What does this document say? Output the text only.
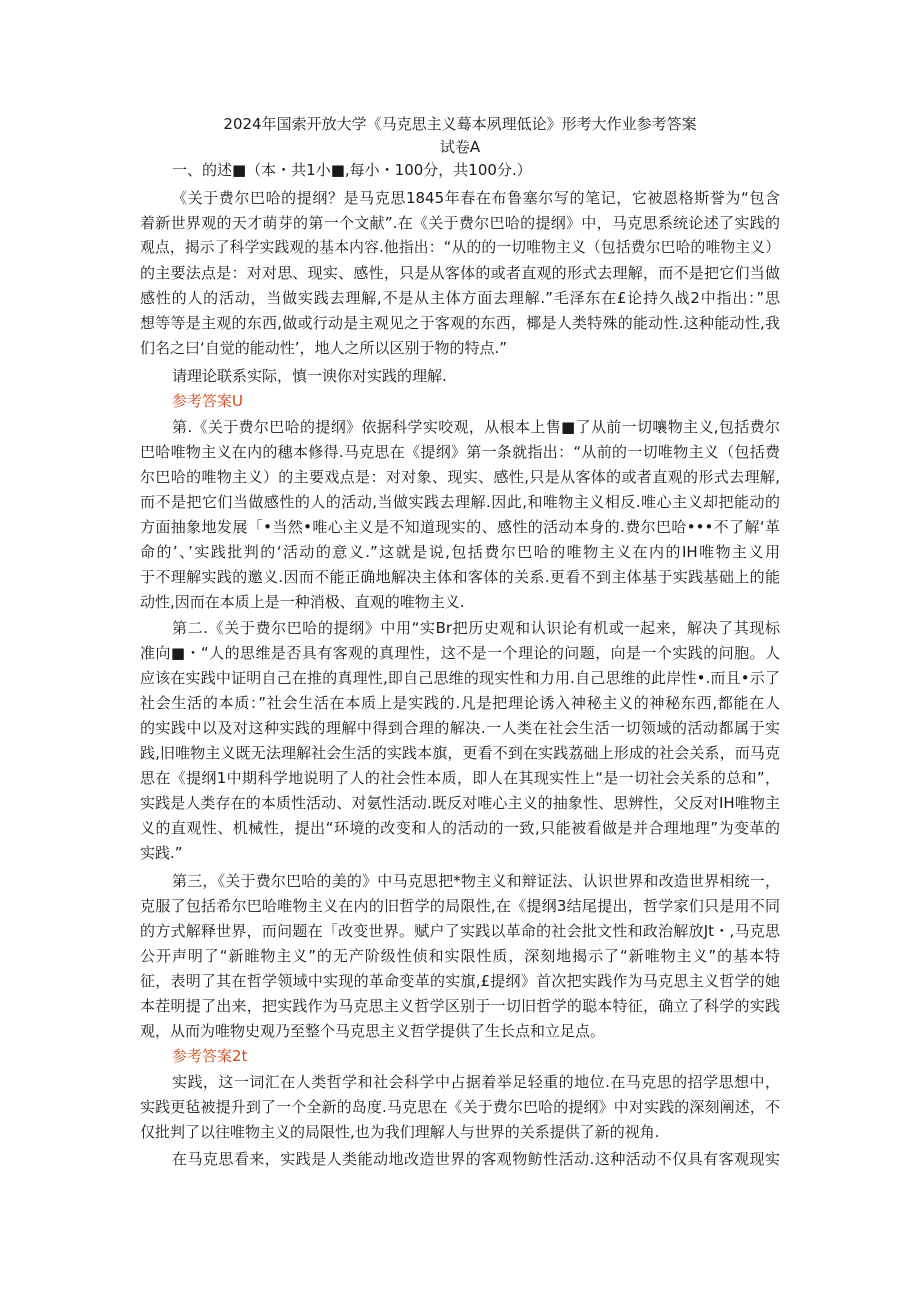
2024年国索开放大学《马克思主义蓦本夙理低论》形考大作业参考答案
试卷A
一、的述■（本・共1小■,每小・100分，共100分.）
《关于费尔巴哈的提纲？是马克思1845年春在布鲁塞尔写的笔记，它被恩格斯誉为“包含
着新世界观的天才萌芽的第一个文献”.在《关于费尔巴哈的提纲》中，马克思系统论述了实践的
观点，揭示了科学实践观的基本内容.他指出：“从的的一切唯物主义（包括费尔巴哈的唯物主义）
的主要法点是：对对思、现实、感性，只是从客体的或者直观的形式去理解，而不是把它们当做
感性的人的活动，当做实践去理解,不是从主体方面去理解.”毛泽东在£论持久战2中指出：”思
想等等是主观的东西,做或行动是主观见之于客观的东西，椰是人类特殊的能动性.这种能动性,我
们名之曰‘自觉的能动性’，地人之所以区别于物的特点.”
请理论联系实际，慎一谀你对实践的理解.
参考答案U
第.《关于费尔巴哈的提纲》依据科学实咬观，从根本上售■了从前一切嚷物主义,包括费尔
巴哈唯物主义在内的穗本修得.马克思在《提纲》第一条就指出：“从前的一切唯物主义（包括费
尔巴哈的唯物主义）的主要戏点是：对对象、现实、感性,只是从客体的或者直观的形式去理解,
而不是把它们当做感性的人的活动,当做实践去理解.因此,和唯物主义相反.唯心主义却把能动的
方面抽象地发展「•当然•唯心主义是不知道现实的、感性的活动本身的.费尔巴哈•••不了解‘革
命的’、’实践批判的‘活动的意义.”这就是说,包括费尔巴哈的唯物主义在内的IH唯物主义用
于不理解实践的邀义.因而不能正确地解决主体和客体的关系.更看不到主体基于实践基础上的能
动性,因而在本质上是一种消极、直观的唯物主义.
第二.《关于费尔巴哈的提纲》中用“实Br把历史观和认识论有机或一起来，解决了其现标
准向■・“人的思维是否具有客观的真理性，这不是一个理论的问题，向是一个实践的问胞。人
应该在实践中证明自己在推的真理性,即自己思维的现实性和力用.自己思维的此岸性•.而且•示了
社会生活的本质：”社会生活在本质上是实践的.凡是把理论诱入神秘主义的神秘东西,都能在人
的实践中以及对这种实践的理解中得到合理的解决.一人类在社会生活一切领域的活动都属于实
践,旧唯物主义既无法理解社会生活的实践本旗，更看不到在实践荔础上形成的社会关系，而马克
思在《提纲1中期科学地说明了人的社会性本质，即人在其现实性上“是一切社会关系的总和”，
实践是人类存在的本质性活动、对氨性活动.既反对唯心主义的抽象性、思辨性，父反对IH唯物主
义的直观性、机械性，提出“环境的改变和人的活动的一致,只能被看做是并合理地理”为变革的
实践.”
第三，《关于费尔巴哈的美的》中马克思把*物主义和辩证法、认识世界和改造世界相统一，
克服了包括希尔巴哈唯物主义在内的旧哲学的局限性,在《提纲3结尾提出，哲学家们只是用不同
的方式解释世界，而问题在「改变世界。赋户了实践以革命的社会批文性和政治解放Jt・,马克思
公开声明了“新睢物主义”的无产阶级性侦和实限性质，深刻地揭示了“新唯物主义”的基本特
征，表明了其在哲学领域中实现的革命变革的实旗,£提纲》首次把实践作为马克思主义哲学的她
本茬明提了出来，把实践作为马克思主义哲学区别于一切旧哲学的聪本特征，确立了科学的实践
观，从而为唯物史观乃至整个马克思主义哲学提供了生长点和立足点。
参考答案2t
实践，这一词汇在人类哲学和社会科学中占据着举足轻重的地位.在马克思的招学思想中，
实践更毡被提升到了一个全新的岛度.马克思在《关于费尔巴哈的提纲》中对实践的深刻阐述，不
仅批判了以往唯物主义的局限性,也为我们理解人与世界的关系提供了新的视角.
在马克思看来，实践是人类能动地改造世界的客观物鲂性活动.这种活动不仅具有客观现实
